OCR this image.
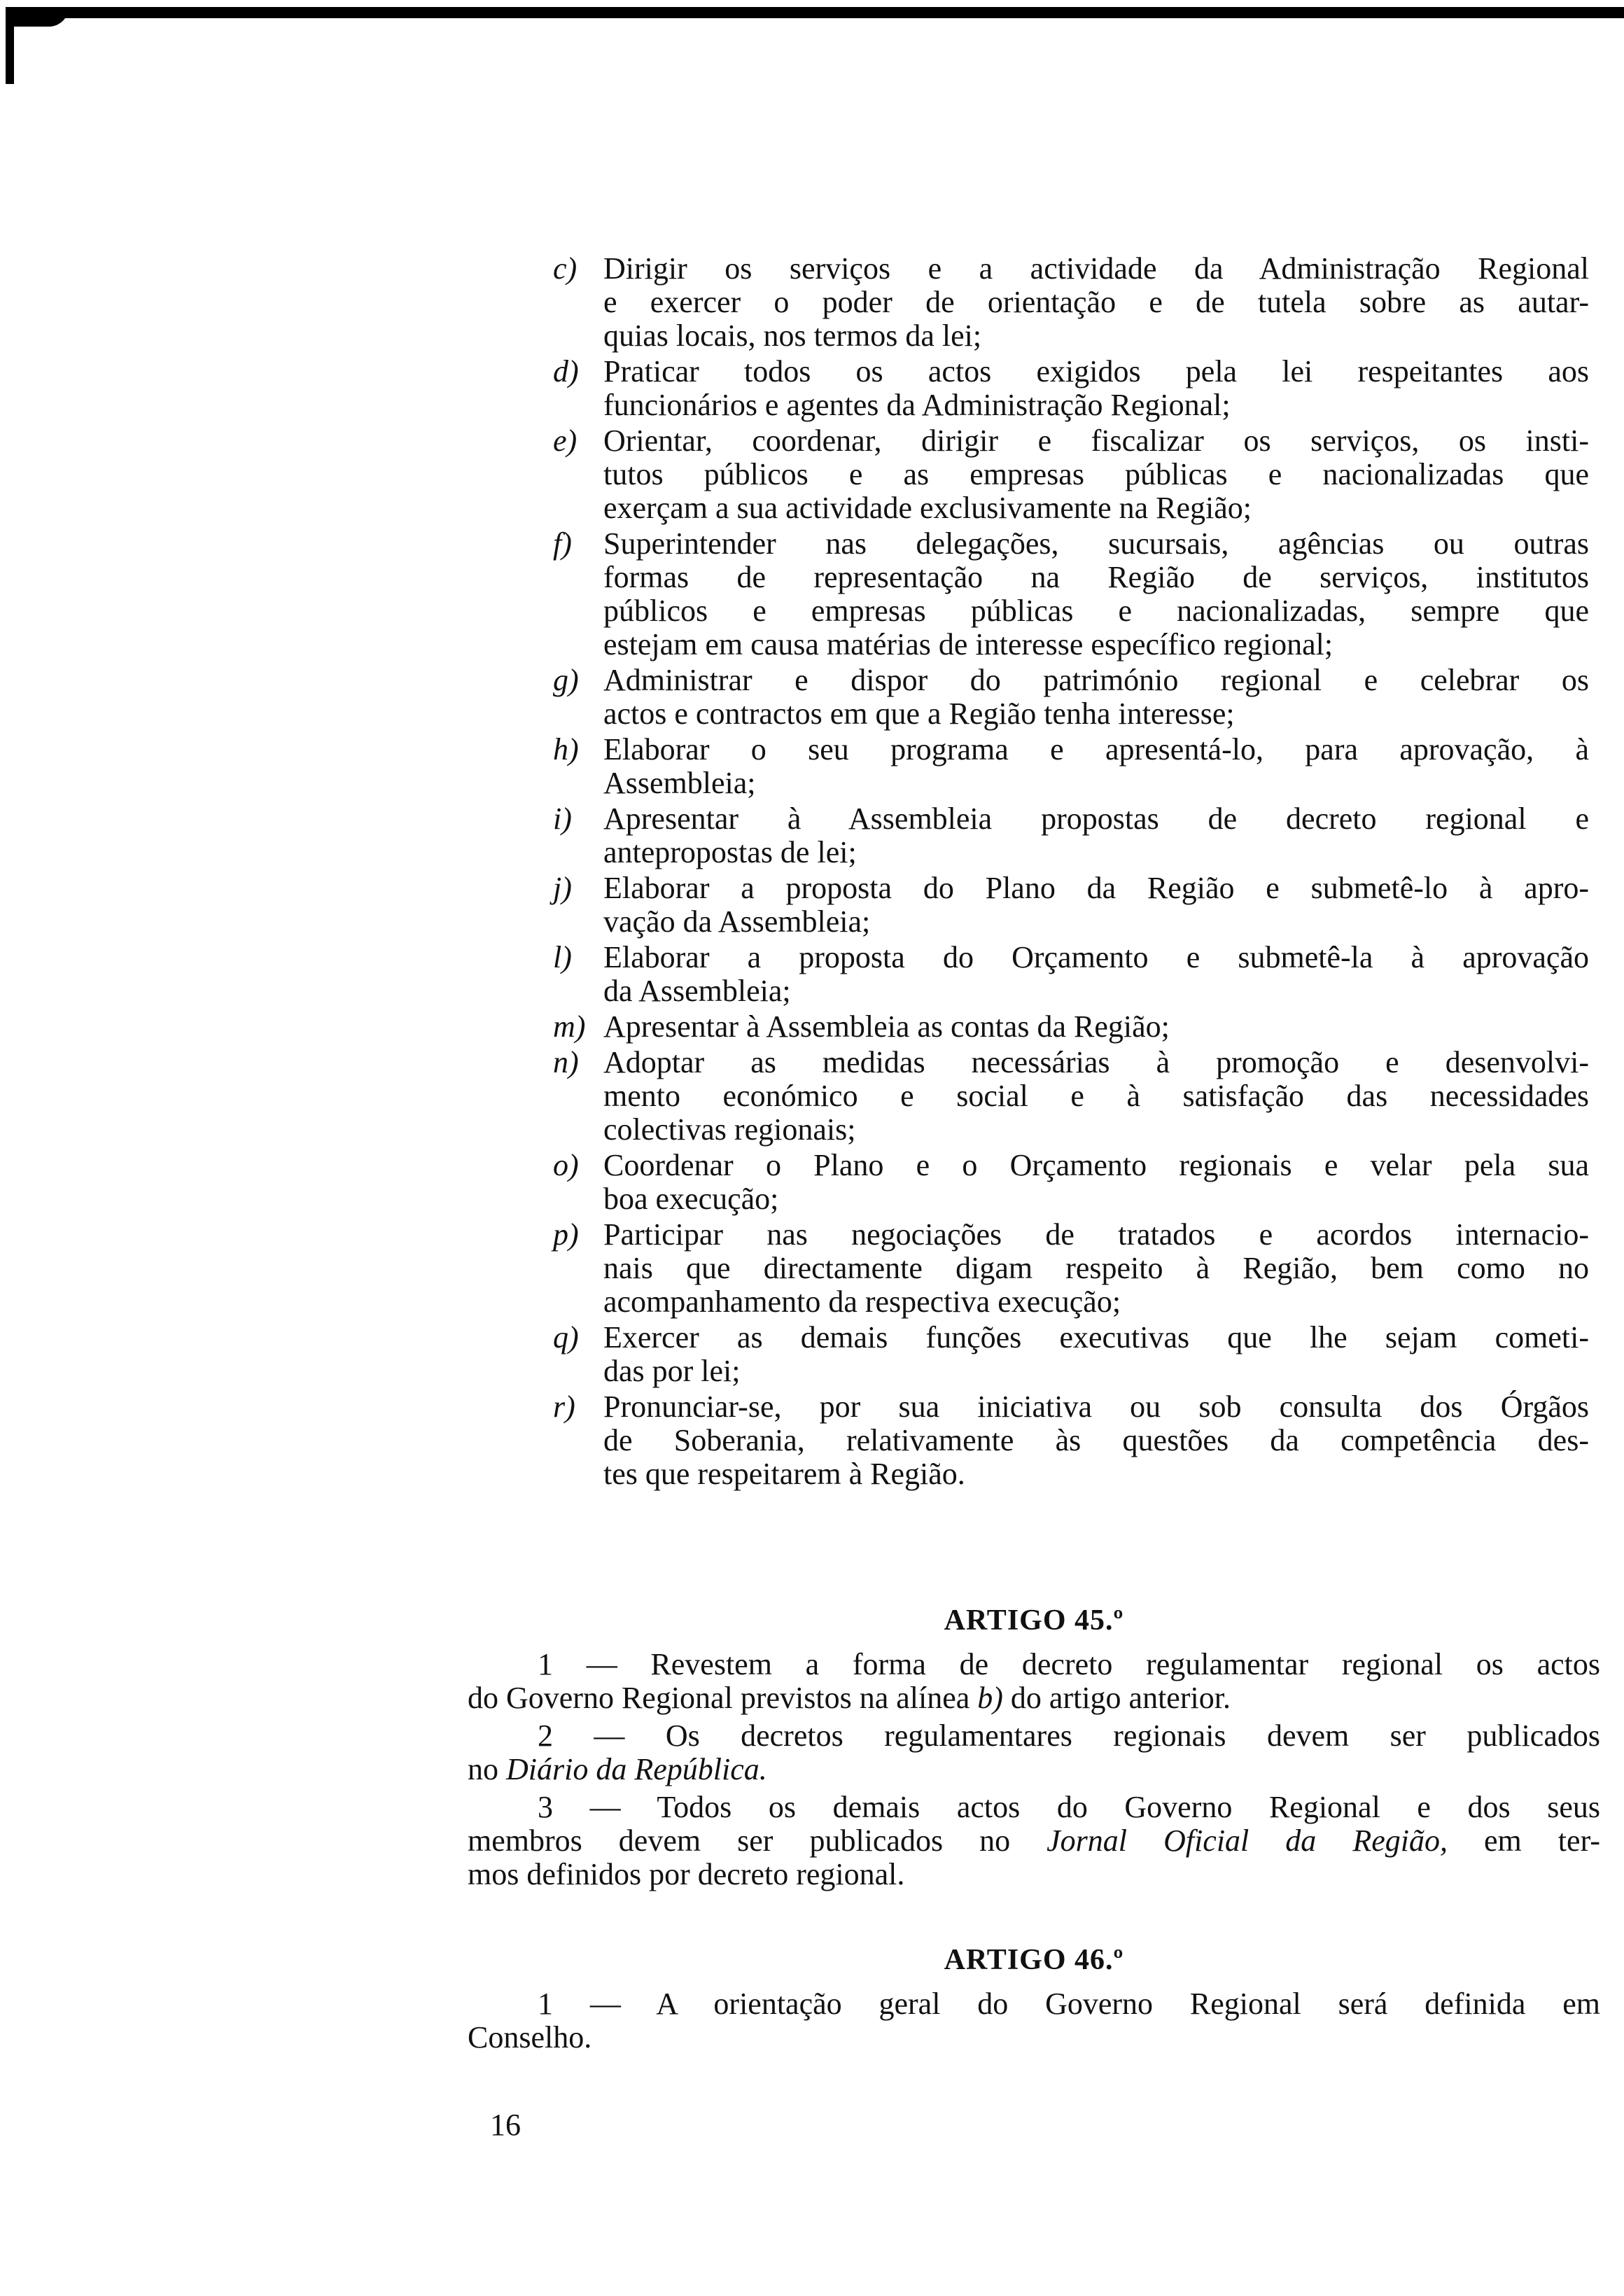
c) Dirigir os serviços e a actividade da Administração Regional
e exercer o poder de orientação e de tutela sobre as autar-
quias locais, nos termos da lei;
d) Praticar todos os actos exigidos pela lei respeitantes aos
funcionários e agentes da Administração Regional;
e) Orientar, coordenar, dirigir e fiscalizar os serviços, os insti-
tutos públicos e as empresas públicas e nacionalizadas que
exerçam a sua actividade exclusivamente na Região;
f) Superintender nas delegações, sucursais, agências ou outras
formas de representação na Região de serviços, institutos
públicos e empresas públicas e nacionalizadas, sempre que
estejam em causa matérias de interesse específico regional;
g) Administrar e dispor do património regional e celebrar os
actos e contractos em que a Região tenha interesse;
h) Elaborar o seu programa e apresentá-lo, para aprovação, à
Assembleia;
i) Apresentar à Assembleia propostas de decreto regional e
antepropostas de lei;
j) Elaborar a proposta do Plano da Região e submetê-lo à apro-
vação da Assembleia;
l) Elaborar a proposta do Orçamento e submetê-la à aprovação
da Assembleia;
m) Apresentar à Assembleia as contas da Região;
n) Adoptar as medidas necessárias à promoção e desenvolvi-
mento económico e social e à satisfação das necessidades
colectivas regionais;
o) Coordenar o Plano e o Orçamento regionais e velar pela sua
boa execução;
p) Participar nas negociações de tratados e acordos internacio-
nais que directamente digam respeito à Região, bem como no
acompanhamento da respectiva execução;
q) Exercer as demais funções executivas que lhe sejam cometi-
das por lei;
r) Pronunciar-se, por sua iniciativa ou sob consulta dos Órgãos
de Soberania, relativamente às questões da competência des-
tes que respeitarem à Região.
ARTIGO 45.º
1 — Revestem a forma de decreto regulamentar regional os actos
do Governo Regional previstos na alínea b) do artigo anterior.
2 — Os decretos regulamentares regionais devem ser publicados
no Diário da República.
3 — Todos os demais actos do Governo Regional e dos seus
membros devem ser publicados no Jornal Oficial da Região, em ter-
mos definidos por decreto regional.
ARTIGO 46.º
1 — A orientação geral do Governo Regional será definida em
Conselho.
16
